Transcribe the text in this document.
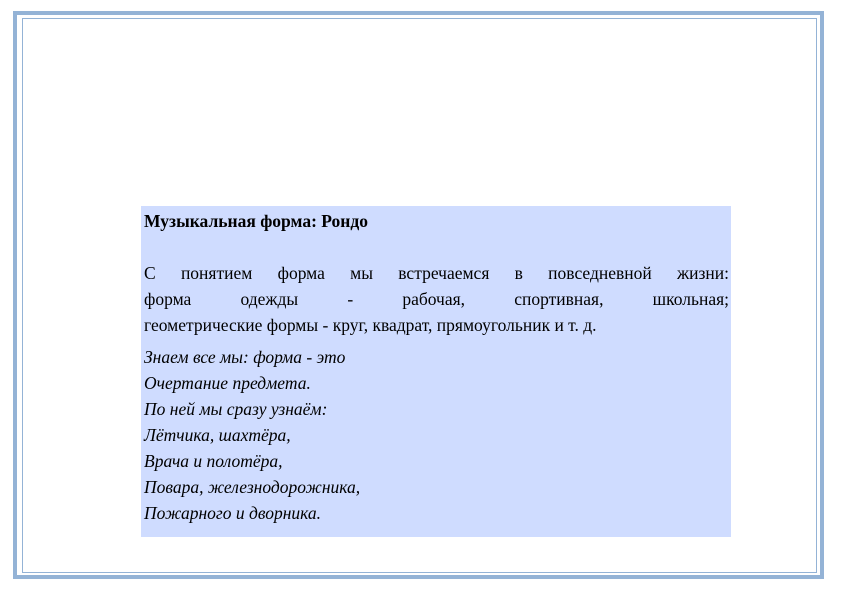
Музыкальная форма: Рондо

С понятием форма мы встречаемся в повседневной жизни:
форма одежды - рабочая, спортивная, школьная;
геометрические формы - круг, квадрат, прямоугольник и т. д.

Знаем все мы: форма - это
Очертание предмета.
По ней мы сразу узнаём:
Лётчика, шахтёра,
Врача и полотёра,
Повара, железнодорожника,
Пожарного и дворника.
